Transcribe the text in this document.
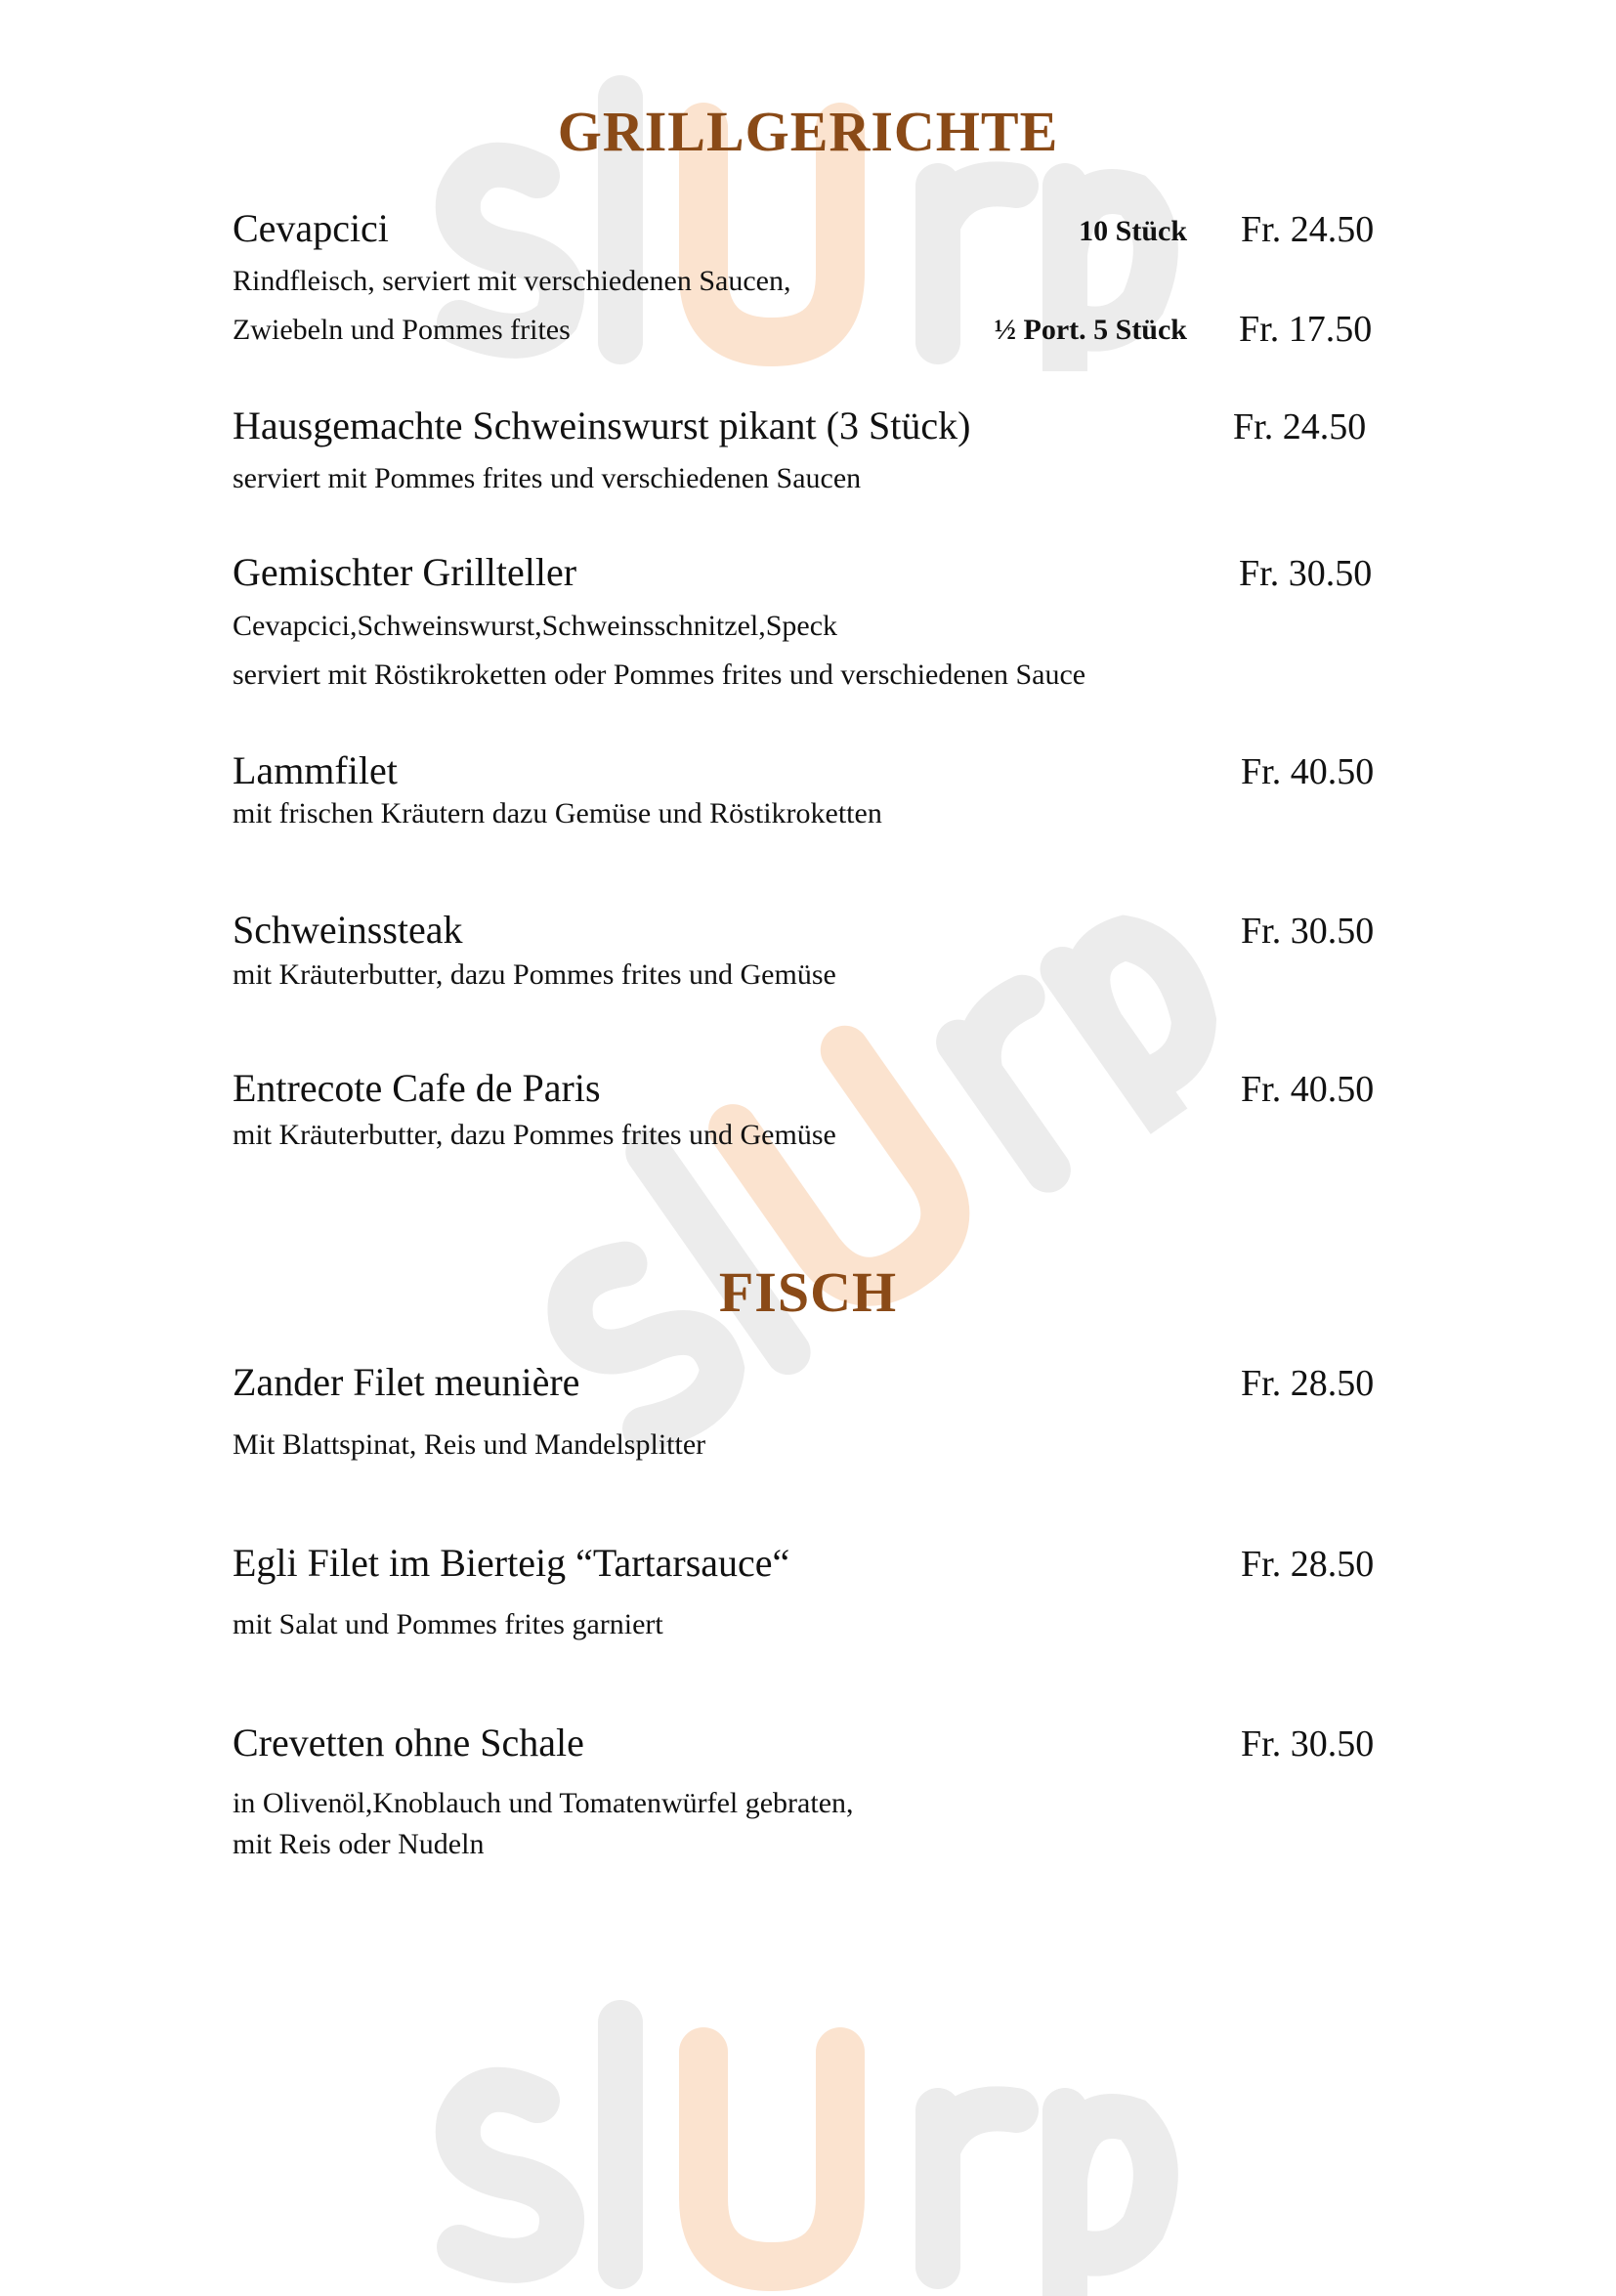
GRILLGERICHTE
Cevapcici	10 Stück Fr. 24.50
Rindfleisch, serviert mit verschiedenen Saucen,
Zwiebeln und Pommes frites	½ Port. 5 Stück Fr. 17.50
Hausgemachte Schweinswurst pikant (3 Stück)	Fr. 24.50
serviert mit Pommes frites und verschiedenen Saucen
Gemischter Grillteller	Fr. 30.50
Cevapcici,Schweinswurst,Schweinsschnitzel,Speck
serviert mit Röstikroketten oder Pommes frites und verschiedenen Sauce
Lammfilet	Fr. 40.50
mit frischen Kräutern dazu Gemüse und Röstikroketten
Schweinssteak	Fr. 30.50
mit Kräuterbutter, dazu Pommes frites und Gemüse
Entrecote Cafe de Paris	Fr. 40.50
mit Kräuterbutter, dazu Pommes frites und Gemüse
FISCH
Zander Filet meunière	Fr. 28.50
Mit Blattspinat, Reis und Mandelsplitter
Egli Filet im Bierteig “Tartarsauce“	Fr. 28.50
mit Salat und Pommes frites garniert
Crevetten ohne Schale	Fr. 30.50
in Olivenöl,Knoblauch und Tomatenwürfel gebraten,
mit Reis oder Nudeln
